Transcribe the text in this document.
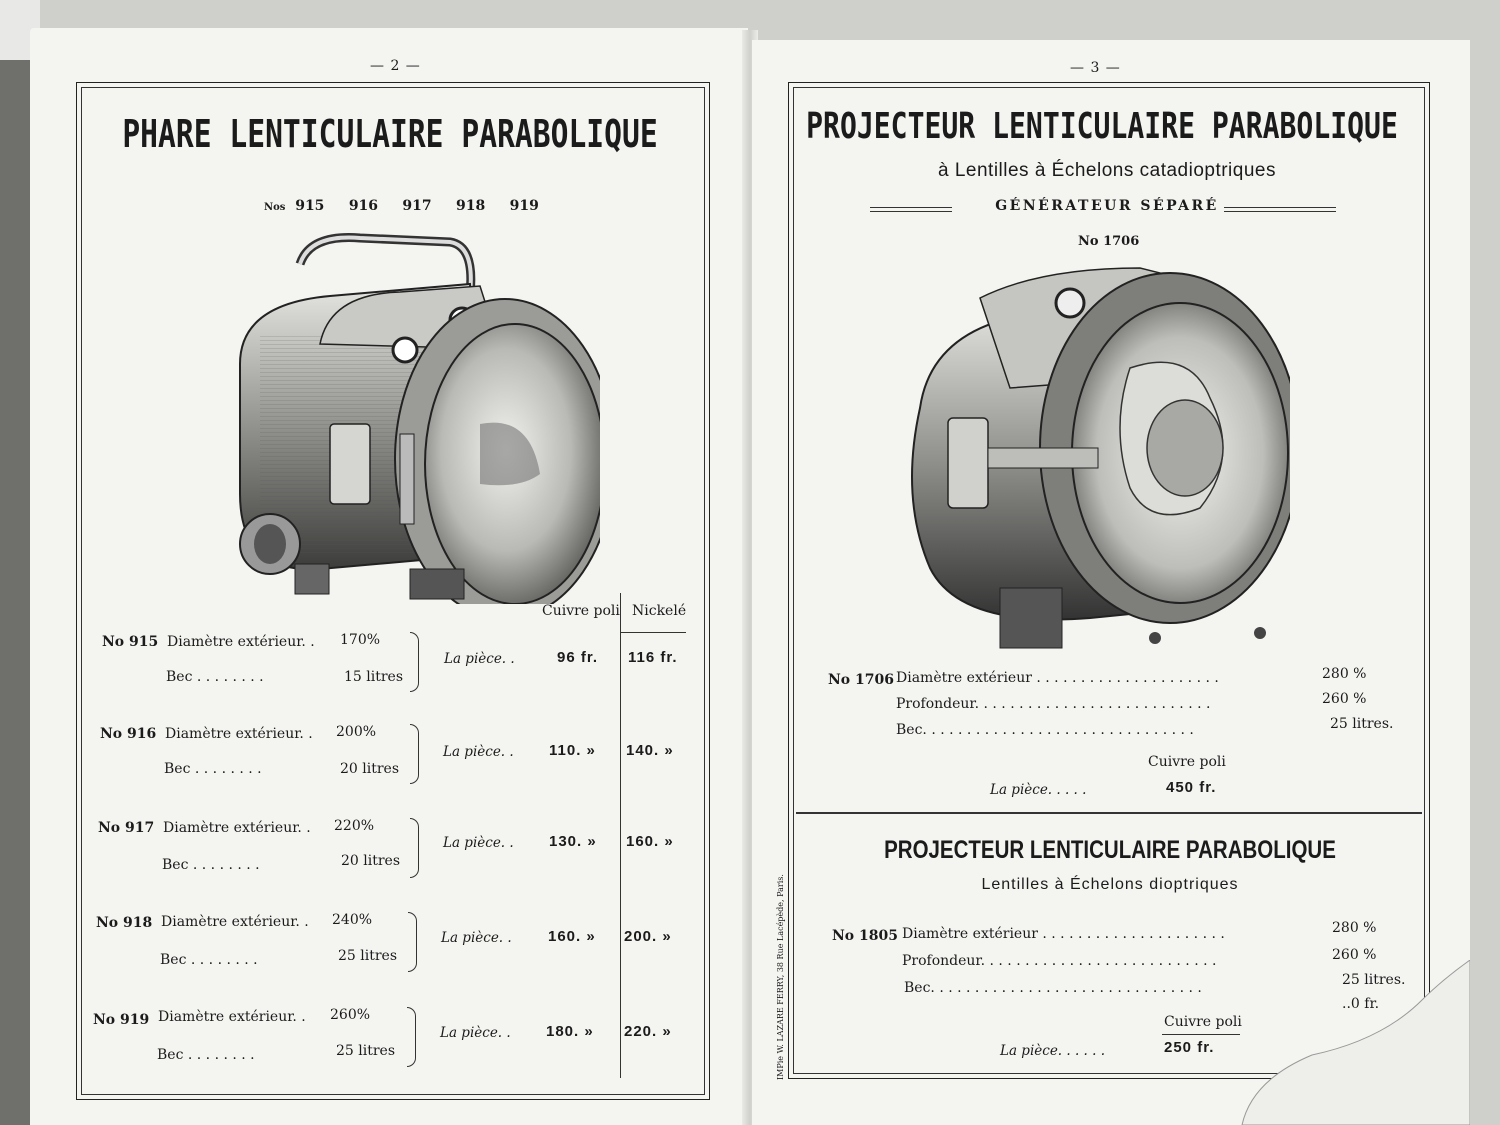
— 2 —
PHARE LENTICULAIRE PARABOLIQUE
Nos 915 916 917 918 919
Cuivre poli Nickelé
No 915 Diamètre extérieur. . 170%
Bec . . . . . . . .	15 litres
La pièce. .	96 fr. 116 fr.
No 916 Diamètre extérieur. . 200%
Bec . . . . . . . .	20 litres
La pièce. . 110. » 140. »
No 917 Diamètre extérieur. . 220%
Bec . . . . . . . .	20 litres
La pièce. . 130. » 160. »
No 918 Diamètre extérieur. . 240%
Bec . . . . . . . .	25 litres
La pièce. . 160. » 200. »
No 919 Diamètre extérieur. . 260%
Bec . . . . . . . .	25 litres
La pièce. . 180. » 220. »
— 3 —
PROJECTEUR LENTICULAIRE PARABOLIQUE
à Lentilles à Échelons catadioptriques
GÉNÉRATEUR SÉPARÉ
No 1706
No 1706 Diamètre extérieur . . . . . . . . . . . . . . . . . . . . .	280 %
Profondeur. . . . . . . . . . . . . . . . . . . . . . . . . . .	260 %
Bec. . . . . . . . . . . . . . . . . . . . . . . . . . . . . . .	25 litres.
Cuivre poli
La pièce. . . . .	450 fr.
PROJECTEUR LENTICULAIRE PARABOLIQUE
Lentilles à Échelons dioptriques
No 1805 Diamètre extérieur . . . . . . . . . . . . . . . . . . . . .	280 %
Profondeur. . . . . . . . . . . . . . . . . . . . . . . . . . .	260 %
Bec. . . . . . . . . . . . . . . . . . . . . . . . . . . . . . .	25 litres.
..0 fr.
Cuivre poli
La pièce. . . . . .	250 fr.
IMP​ie W. LAZARE FERRY, 38 Rue Lacépède, Paris.
